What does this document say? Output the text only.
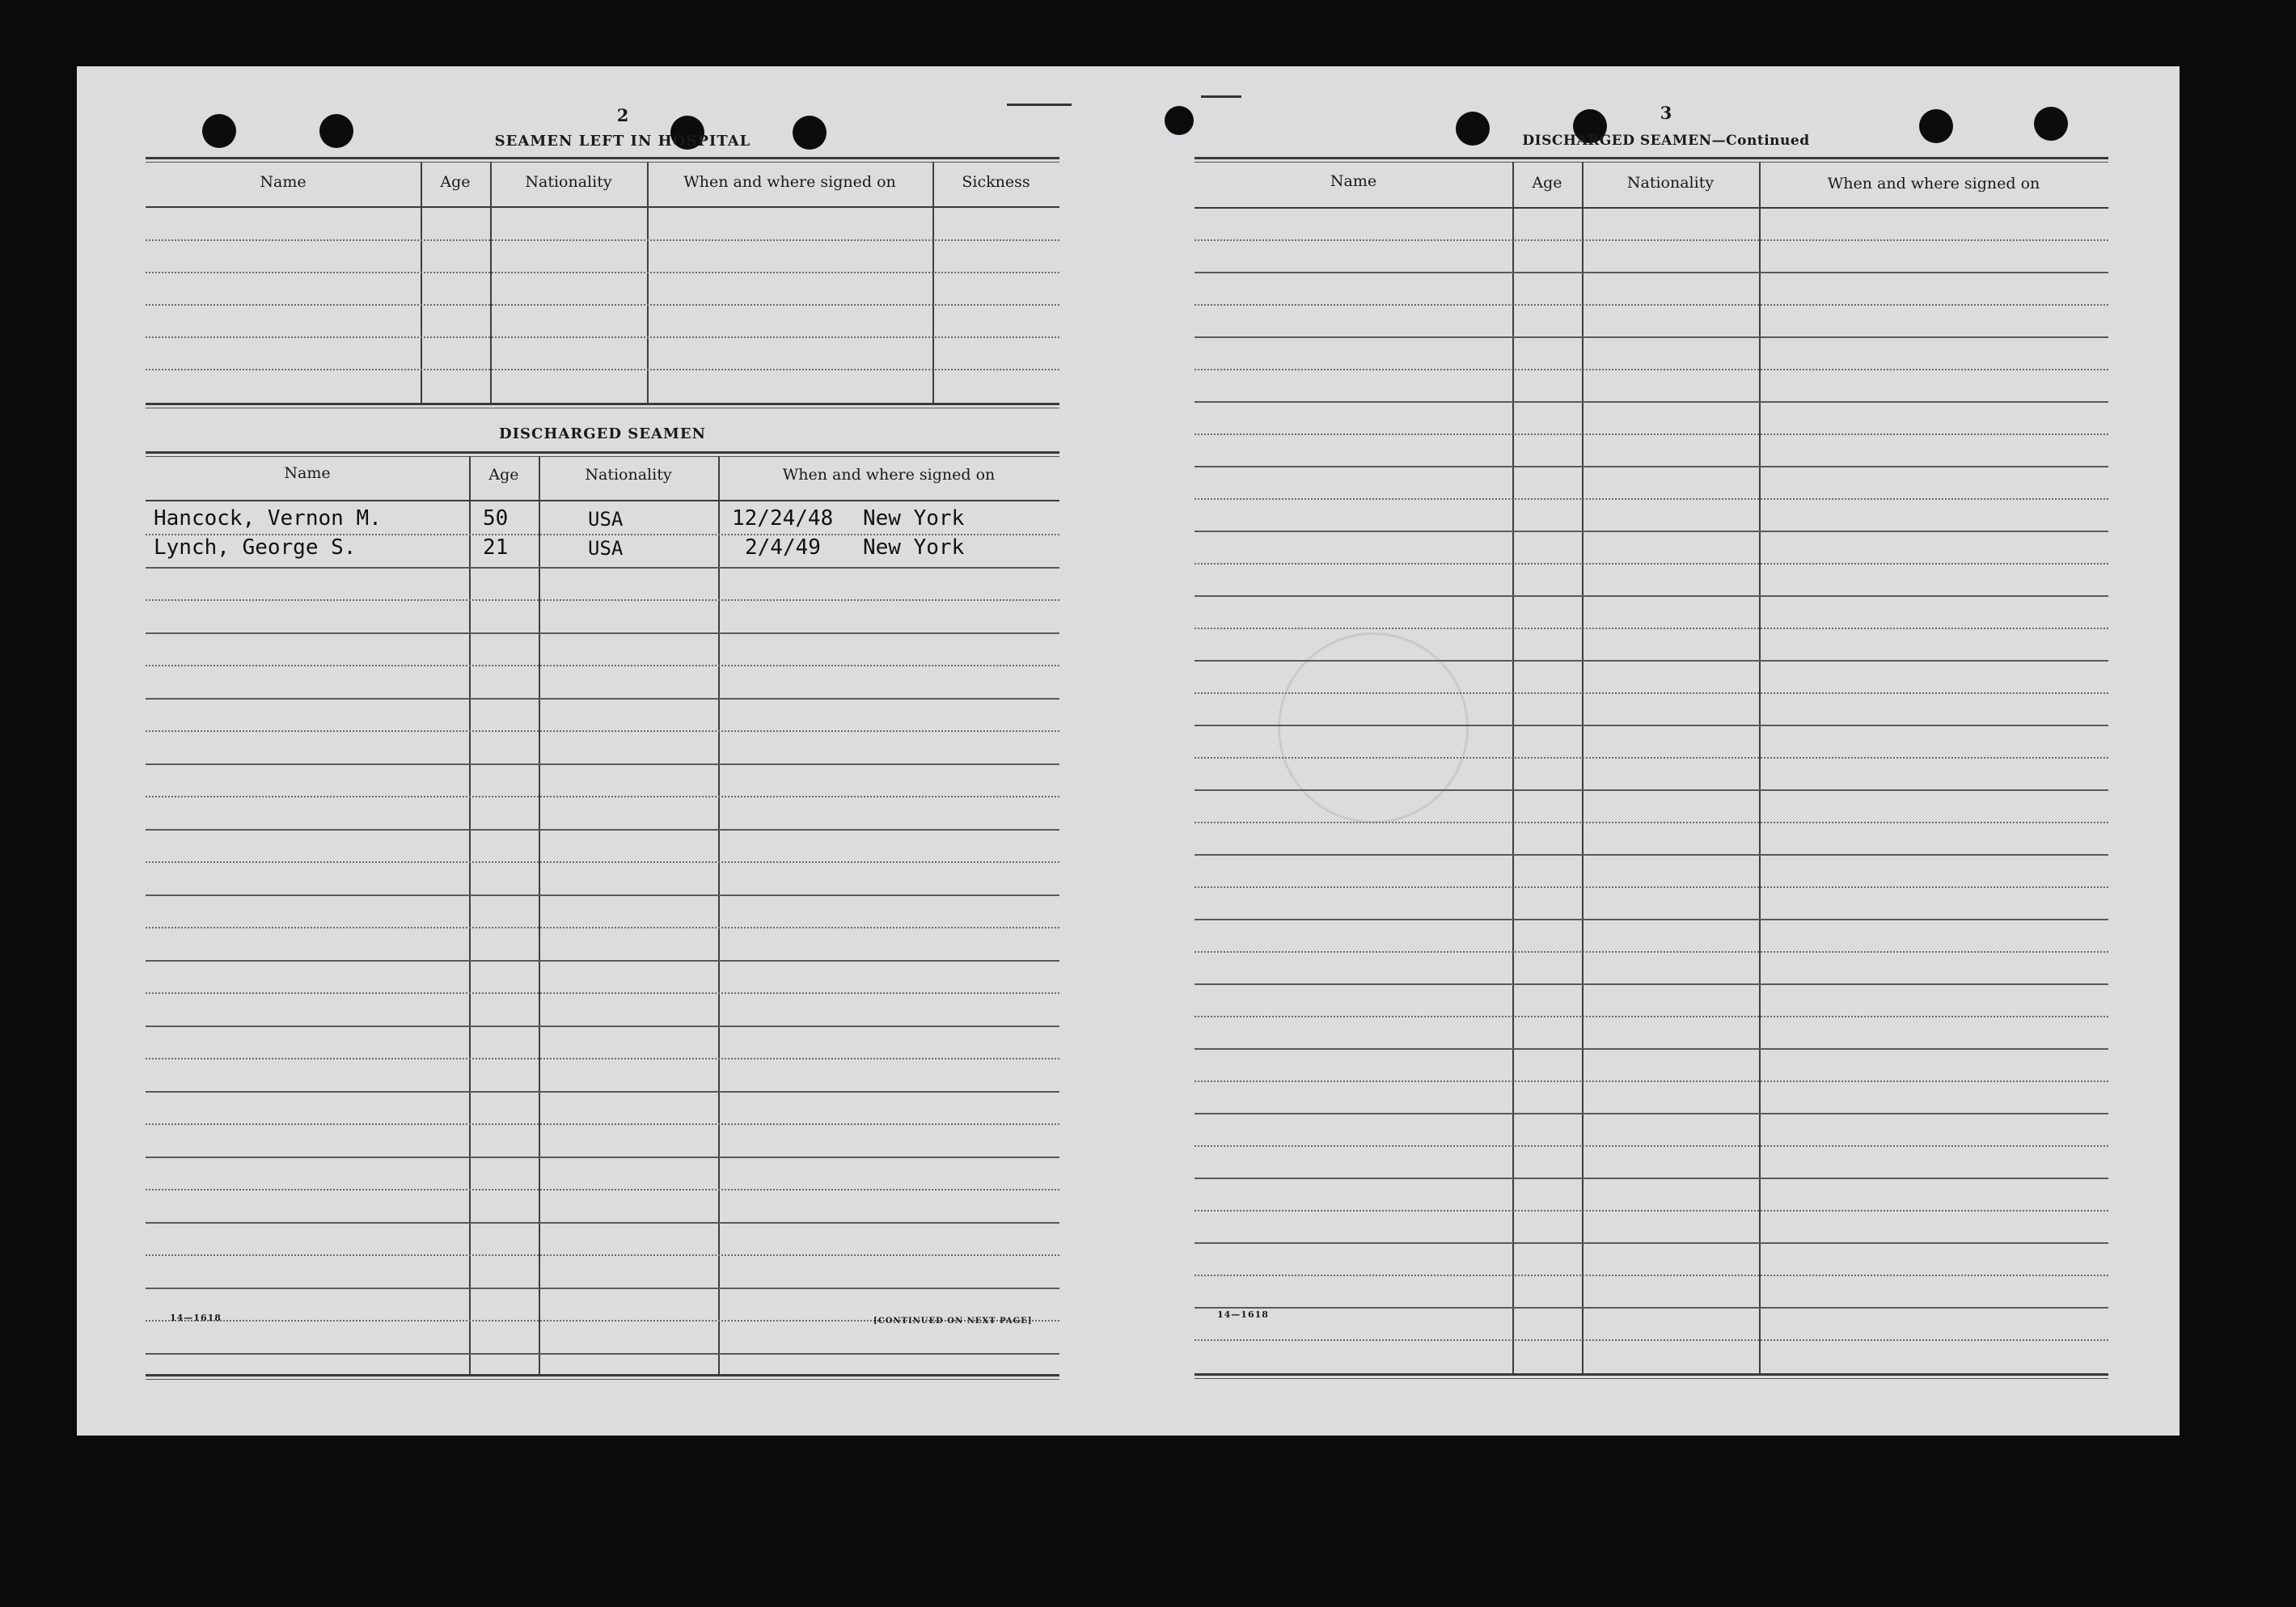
2
SEAMEN LEFT IN HOSPITAL
Name	Age	Nationality	When and where signed on	Sickness
DISCHARGED SEAMEN
Name	Age	Nationality	When and where signed on
Hancock, Vernon M.	50	USA	12/24/48 New York
Lynch, George S.	21	USA	2/4/49 New York
14—1618	[CONTINUED ON NEXT PAGE]
3
DISCHARGED SEAMEN—Continued
Name	Age	Nationality	When and where signed on
14—1618
